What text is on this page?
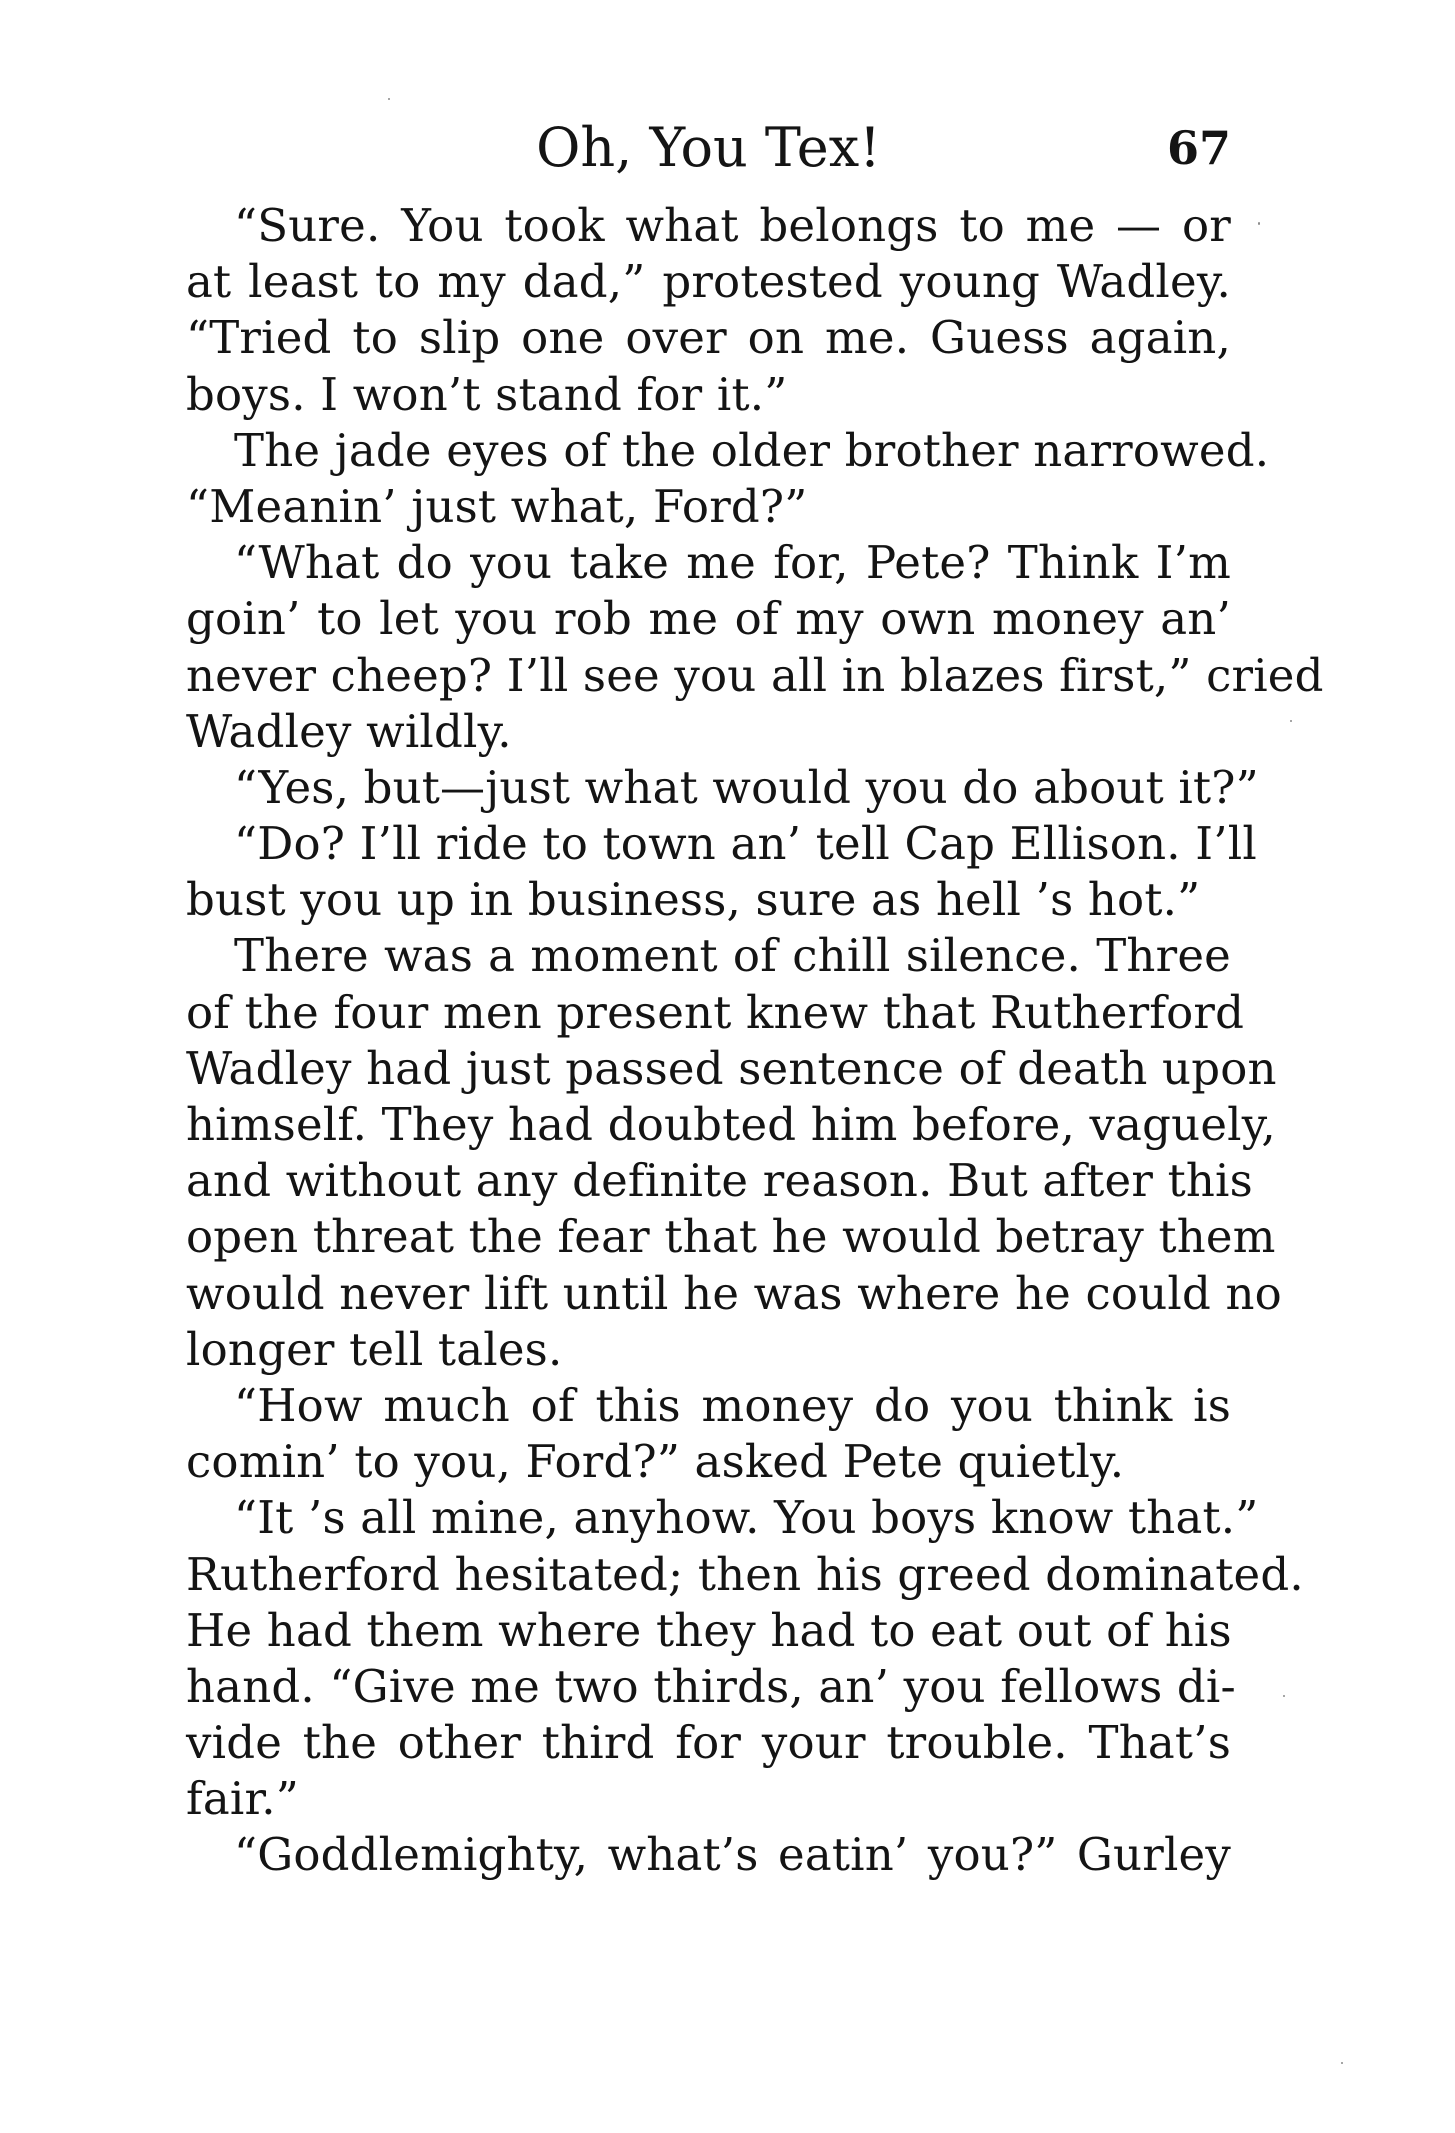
Oh, You Tex!	67
“Sure. You took what belongs to me — or
at least to my dad,” protested young Wadley.
“Tried to slip one over on me. Guess again,
boys. I won’t stand for it.”
The jade eyes of the older brother narrowed.
“Meanin’ just what, Ford?”
“What do you take me for, Pete? Think I’m
goin’ to let you rob me of my own money an’
never cheep? I’ll see you all in blazes first,” cried
Wadley wildly.
“Yes, but—just what would you do about it?”
“Do? I’ll ride to town an’ tell Cap Ellison. I’ll
bust you up in business, sure as hell ’s hot.”
There was a moment of chill silence. Three
of the four men present knew that Rutherford
Wadley had just passed sentence of death upon
himself. They had doubted him before, vaguely,
and without any definite reason. But after this
open threat the fear that he would betray them
would never lift until he was where he could no
longer tell tales.
“How much of this money do you think is
comin’ to you, Ford?” asked Pete quietly.
“It ’s all mine, anyhow. You boys know that.”
Rutherford hesitated; then his greed dominated.
He had them where they had to eat out of his
hand. “Give me two thirds, an’ you fellows di-
vide the other third for your trouble. That’s
fair.”
“Goddlemighty, what’s eatin’ you?” Gurley
